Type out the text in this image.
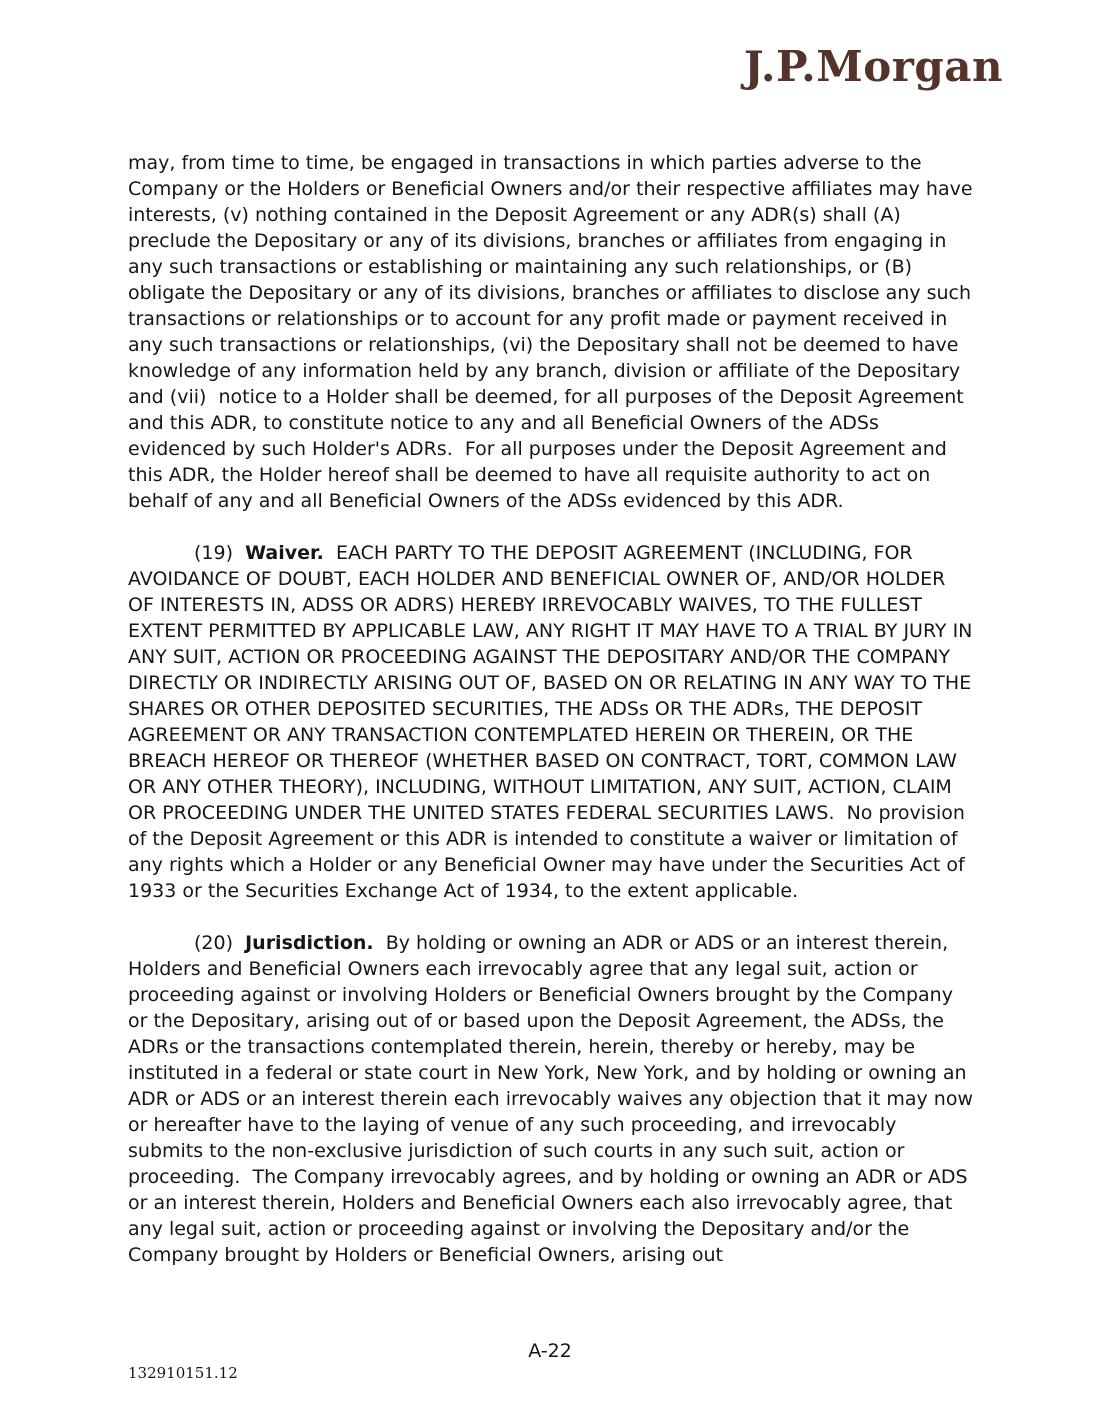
J.P.Morgan

may, from time to time, be engaged in transactions in which parties adverse to the Company or the Holders or Beneficial Owners and/or their respective affiliates may have interests, (v) nothing contained in the Deposit Agreement or any ADR(s) shall (A) preclude the Depositary or any of its divisions, branches or affiliates from engaging in any such transactions or establishing or maintaining any such relationships, or (B) obligate the Depositary or any of its divisions, branches or affiliates to disclose any such transactions or relationships or to account for any profit made or payment received in any such transactions or relationships, (vi) the Depositary shall not be deemed to have knowledge of any information held by any branch, division or affiliate of the Depositary and (vii)  notice to a Holder shall be deemed, for all purposes of the Deposit Agreement and this ADR, to constitute notice to any and all Beneficial Owners of the ADSs evidenced by such Holder's ADRs.  For all purposes under the Deposit Agreement and this ADR, the Holder hereof shall be deemed to have all requisite authority to act on behalf of any and all Beneficial Owners of the ADSs evidenced by this ADR.

(19)  Waiver.  EACH PARTY TO THE DEPOSIT AGREEMENT (INCLUDING, FOR AVOIDANCE OF DOUBT, EACH HOLDER AND BENEFICIAL OWNER OF, AND/OR HOLDER OF INTERESTS IN, ADSS OR ADRS) HEREBY IRREVOCABLY WAIVES, TO THE FULLEST EXTENT PERMITTED BY APPLICABLE LAW, ANY RIGHT IT MAY HAVE TO A TRIAL BY JURY IN ANY SUIT, ACTION OR PROCEEDING AGAINST THE DEPOSITARY AND/OR THE COMPANY DIRECTLY OR INDIRECTLY ARISING OUT OF, BASED ON OR RELATING IN ANY WAY TO THE SHARES OR OTHER DEPOSITED SECURITIES, THE ADSs OR THE ADRs, THE DEPOSIT AGREEMENT OR ANY TRANSACTION CONTEMPLATED HEREIN OR THEREIN, OR THE BREACH HEREOF OR THEREOF (WHETHER BASED ON CONTRACT, TORT, COMMON LAW OR ANY OTHER THEORY), INCLUDING, WITHOUT LIMITATION, ANY SUIT, ACTION, CLAIM OR PROCEEDING UNDER THE UNITED STATES FEDERAL SECURITIES LAWS.  No provision of the Deposit Agreement or this ADR is intended to constitute a waiver or limitation of any rights which a Holder or any Beneficial Owner may have under the Securities Act of 1933 or the Securities Exchange Act of 1934, to the extent applicable.

(20)  Jurisdiction.  By holding or owning an ADR or ADS or an interest therein, Holders and Beneficial Owners each irrevocably agree that any legal suit, action or proceeding against or involving Holders or Beneficial Owners brought by the Company or the Depositary, arising out of or based upon the Deposit Agreement, the ADSs, the ADRs or the transactions contemplated therein, herein, thereby or hereby, may be instituted in a federal or state court in New York, New York, and by holding or owning an ADR or ADS or an interest therein each irrevocably waives any objection that it may now or hereafter have to the laying of venue of any such proceeding, and irrevocably submits to the non-exclusive jurisdiction of such courts in any such suit, action or proceeding.  The Company irrevocably agrees, and by holding or owning an ADR or ADS or an interest therein, Holders and Beneficial Owners each also irrevocably agree, that any legal suit, action or proceeding against or involving the Depositary and/or the Company brought by Holders or Beneficial Owners, arising out

A-22
132910151.12
